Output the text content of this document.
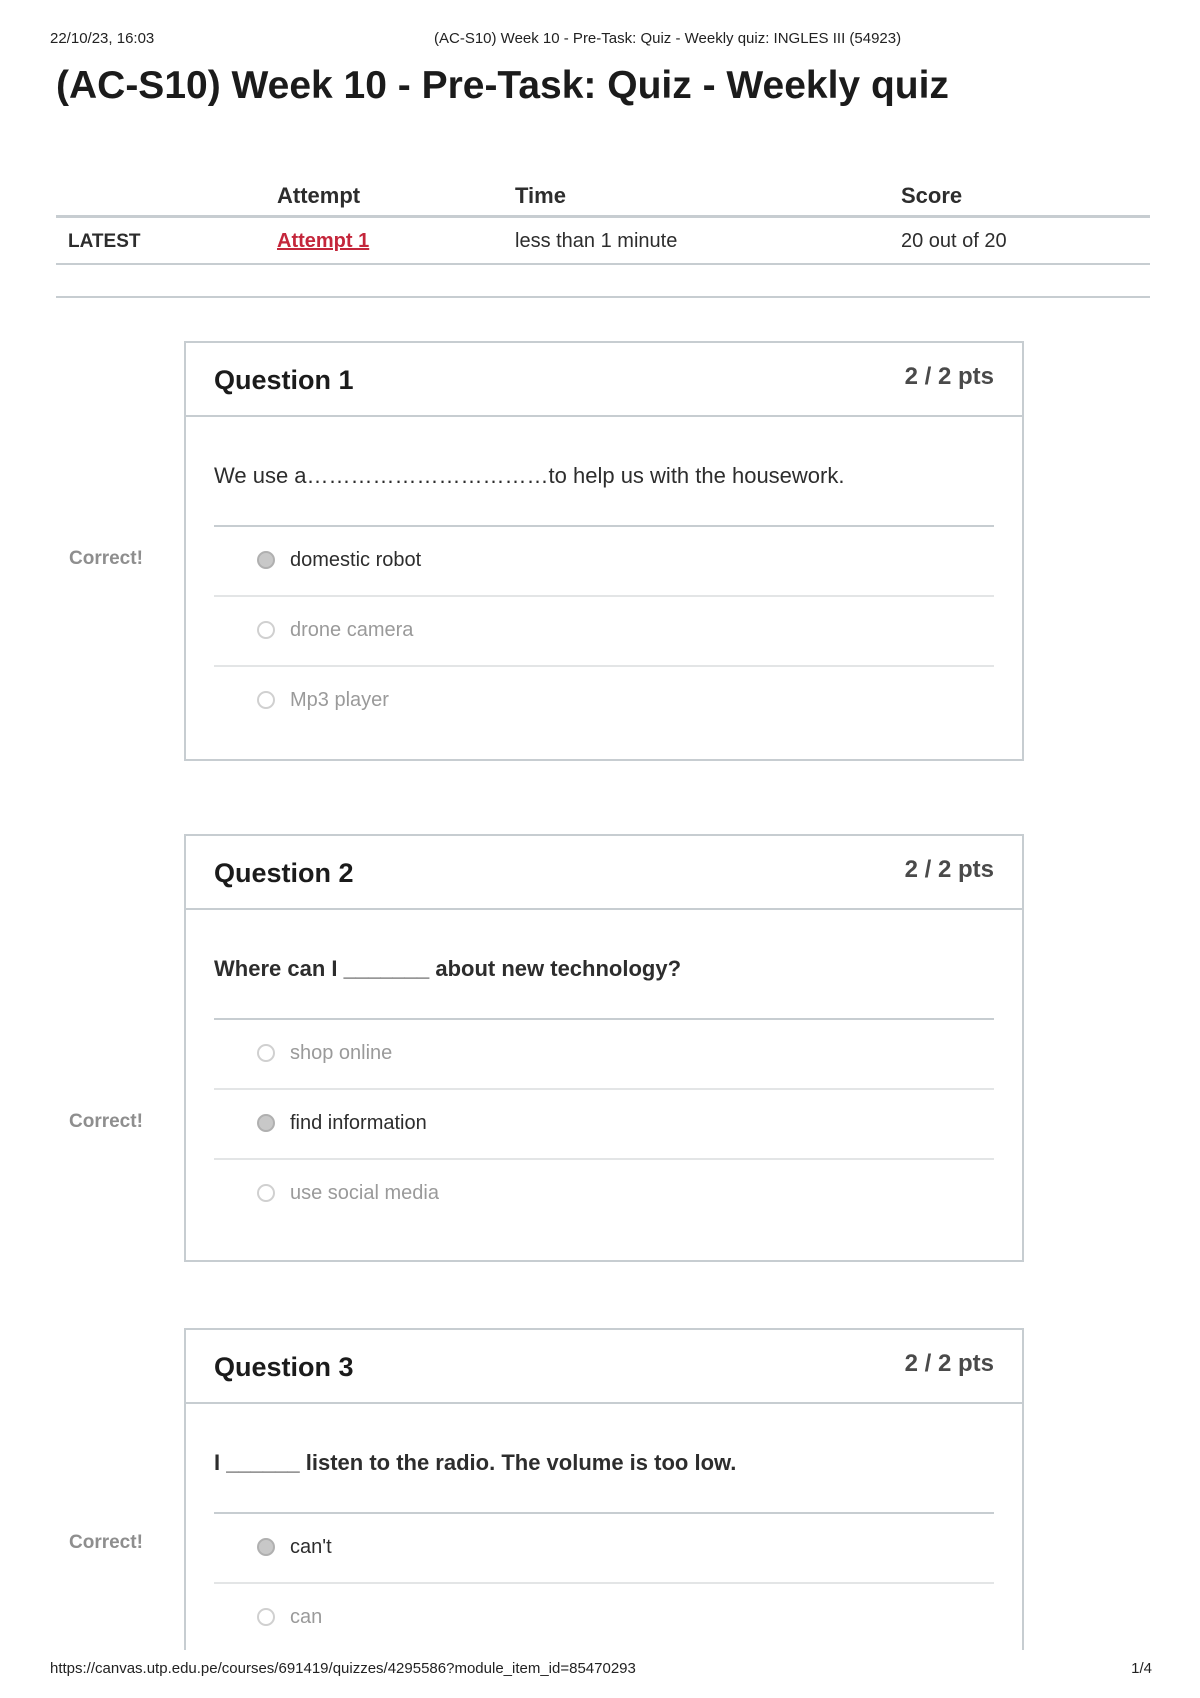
22/10/23, 16:03	(AC-S10) Week 10 - Pre-Task: Quiz - Weekly quiz: INGLES III (54923)
(AC-S10) Week 10 - Pre-Task: Quiz - Weekly quiz
	Attempt	Time	Score
LATEST	Attempt 1	less than 1 minute	20 out of 20
Correct!
Question 1	2 / 2 pts
We use a……………………………to help us with the housework.
domestic robot
drone camera
Mp3 player
Correct!
Question 2	2 / 2 pts
Where can I _______ about new technology?
shop online
find information
use social media
Correct!
Question 3	2 / 2 pts
I ______ listen to the radio. The volume is too low.
can't
can
https://canvas.utp.edu.pe/courses/691419/quizzes/4295586?module_item_id=85470293	1/4
